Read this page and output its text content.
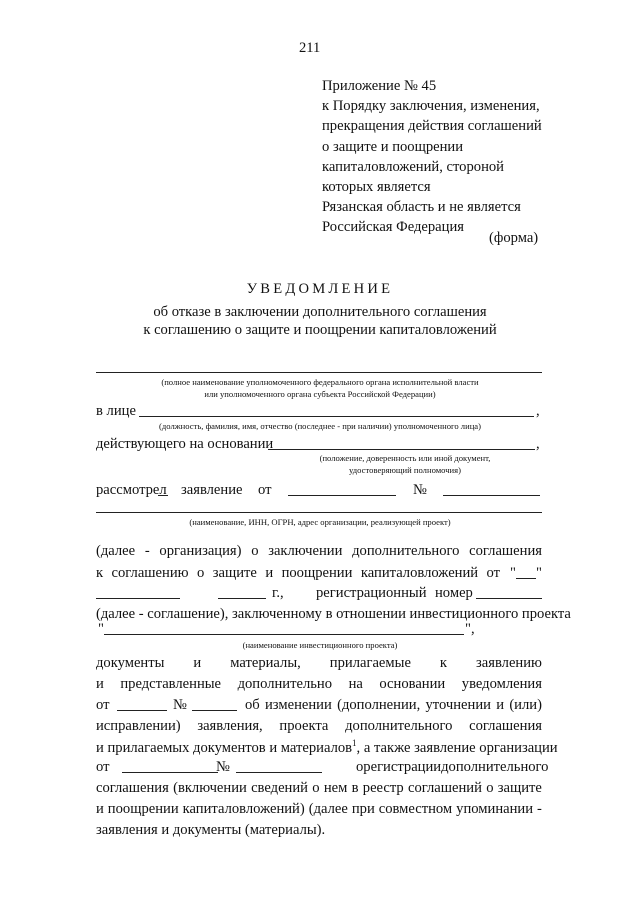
211
Приложение № 45
к Порядку заключения, изменения,
прекращения действия соглашений
о защите и поощрении
капиталовложений, стороной
которых является
Рязанская область и не является
Российская Федерация
(форма)
УВЕДОМЛЕНИЕ
об отказе в заключении дополнительного соглашения
к соглашению о защите и поощрении капиталовложений
(полное наименование уполномоченного федерального органа исполнительной власти
или уполномоченного органа субъекта Российской Федерации)
в лице	,
(должность, фамилия, имя, отчество (последнее - при наличии) уполномоченного лица)
действующего на основании	,
(положение, доверенность или иной документ,
удостоверяющий полномочия)
рассмотрел заявление от	№
(наименование, ИНН, ОГРН, адрес организации, реализующей проект)
(далее - организация) о заключении дополнительного соглашения
к соглашению о защите и поощрении капиталовложений от " "
г., регистрационный номер
(далее - соглашение), заключенному в отношении инвестиционного проекта
"	",
(наименование инвестиционного проекта)
документы и материалы, прилагаемые к заявлению
и представленные дополнительно на основании уведомления
от	№	об изменении (дополнении, уточнении и (или)
исправлении) заявления, проекта дополнительного соглашения
и прилагаемых документов и материалов$^1$, а также заявление организации
от	№	о регистрации дополнительного
соглашения (включении сведений о нем в реестр соглашений о защите
и поощрении капиталовложений) (далее при совместном упоминании -
заявления и документы (материалы).
